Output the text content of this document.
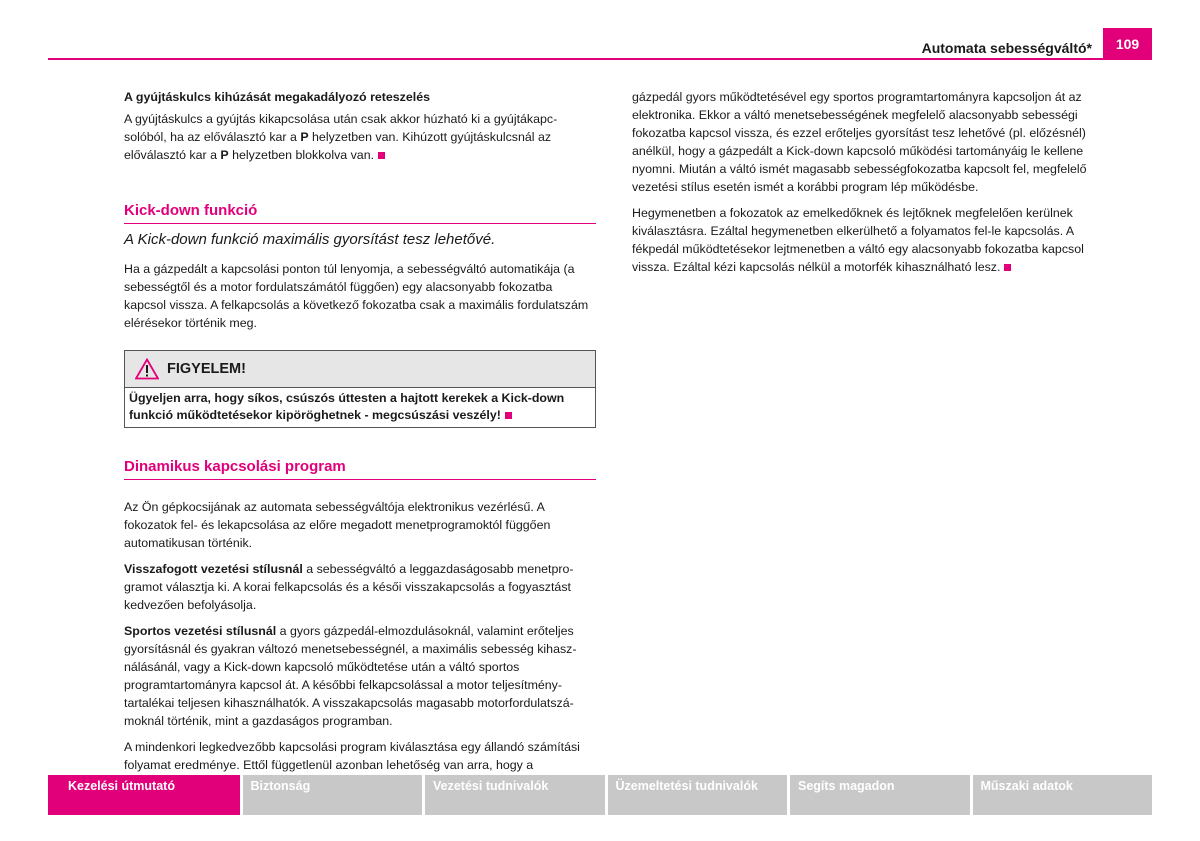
Automata sebességváltó*	109

A gyújtáskulcs kihúzását megakadályozó reteszelés

A gyújtáskulcs a gyújtás kikapcsolása után csak akkor húzható ki a gyújtákapc-solóból, ha az előválasztó kar a P helyzetben van. Kihúzott gyújtáskulcsnál az előválasztó kar a P helyzetben blokkolva van.

Kick-down funkció
A Kick-down funkció maximális gyorsítást tesz lehetővé.

Ha a gázpedált a kapcsolási ponton túl lenyomja, a sebességváltó automatikája (a sebességtől és a motor fordulatszámától függően) egy alacsonyabb fokozatba kapcsol vissza. A felkapcsolás a következő fokozatba csak a maximális fordulatszám elérésekor történik meg.

FIGYELEM!
Ügyeljen arra, hogy síkos, csúszós úttesten a hajtott kerekek a Kick-down funkció működtetésekor kipöröghetnek - megcsúszási veszély!
Dinamikus kapcsolási program

Az Ön gépkocsijának az automata sebességváltója elektronikus vezérlésű. A fokozatok fel- és lekapcsolása az előre megadott menetprogramoktól függően automatikusan történik.

Visszafogott vezetési stílusnál a sebességváltó a leggazdaságosabb menetpro-gramot választja ki. A korai felkapcsolás és a késői visszakapcsolás a fogyasztást kedvezően befolyásolja.

Sportos vezetési stílusnál a gyors gázpedál-elmozdulásoknál, valamint erőteljes gyorsításnál és gyakran változó menetsebességnél, a maximális sebesség kihasz-nálásánál, vagy a Kick-down kapcsoló működtetése után a váltó sportos programtartományra kapcsol át. A későbbi felkapcsolással a motor teljesítmény-tartalékai teljesen kihasználhatók. A visszakapcsolás magasabb motorfordulatszá-moknál történik, mint a gazdaságos programban.

A mindenkori legkedvezőbb kapcsolási program kiválasztása egy állandó számítási folyamat eredménye. Ettől függetlenül azonban lehetőség van arra, hogy a

gázpedál gyors működtetésével egy sportos programtartományra kapcsoljon át az elektronika. Ekkor a váltó menetsebességének megfelelő alacsonyabb sebességi fokozatba kapcsol vissza, és ezzel erőteljes gyorsítást tesz lehetővé (pl. előzésnél) anélkül, hogy a gázpedált a Kick-down kapcsoló működési tartományáig le kellene nyomni. Miután a váltó ismét magasabb sebességfokozatba kapcsolt fel, megfelelő vezetési stílus esetén ismét a korábbi program lép működésbe.

Hegymenetben a fokozatok az emelkedőknek és lejtőknek megfelelően kerülnek kiválasztásra. Ezáltal hegymenetben elkerülhető a folyamatos fel-le kapcsolás. A fékpedál működtetésekor lejtmenetben a váltó egy alacsonyabb fokozatba kapcsol vissza. Ezáltal kézi kapcsolás nélkül a motorfék kihasználható lesz.

Kezelési útmutató	Biztonság	Vezetési tudnivalók	Üzemeltetési tudnivalók	Segíts magadon	Műszaki adatok
